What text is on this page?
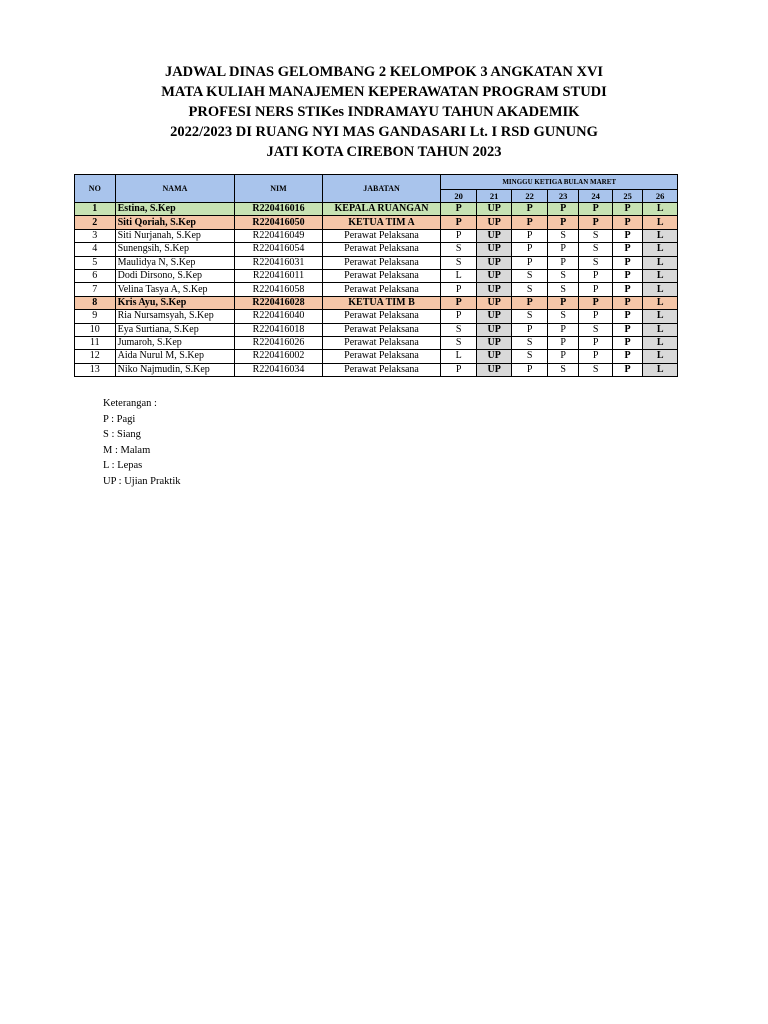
JADWAL DINAS GELOMBANG 2 KELOMPOK 3 ANGKATAN XVI
MATA KULIAH MANAJEMEN KEPERAWATAN PROGRAM STUDI
PROFESI NERS STIKes INDRAMAYU TAHUN AKADEMIK
2022/2023 DI RUANG NYI MAS GANDASARI Lt. I RSD GUNUNG
JATI KOTA CIREBON TAHUN 2023
NO	NAMA	NIM	JABATAN	MINGGU KETIGA BULAN MARET						
				20	21	22	23	24	25	26
1	Estina, S.Kep	R220416016	KEPALA RUANGAN	P	UP	P	P	P	P	L
2	Siti Qoriah, S.Kep	R220416050	KETUA TIM A	P	UP	P	P	P	P	L
3	Siti Nurjanah, S.Kep	R220416049	Perawat Pelaksana	P	UP	P	S	S	P	L
4	Sunengsih, S.Kep	R220416054	Perawat Pelaksana	S	UP	P	P	S	P	L
5	Maulidya N, S.Kep	R220416031	Perawat Pelaksana	S	UP	P	P	S	P	L
6	Dodi Dirsono, S.Kep	R220416011	Perawat Pelaksana	L	UP	S	S	P	P	L
7	Velina Tasya A, S.Kep	R220416058	Perawat Pelaksana	P	UP	S	S	P	P	L
8	Kris Ayu, S.Kep	R220416028	KETUA TIM B	P	UP	P	P	P	P	L
9	Ria Nursamsyah, S.Kep	R220416040	Perawat Pelaksana	P	UP	S	S	P	P	L
10	Eya Surtiana, S.Kep	R220416018	Perawat Pelaksana	S	UP	P	P	S	P	L
11	Jumaroh, S.Kep	R220416026	Perawat Pelaksana	S	UP	S	P	P	P	L
12	Aida Nurul M, S.Kep	R220416002	Perawat Pelaksana	L	UP	S	P	P	P	L
13	Niko Najmudin, S.Kep	R220416034	Perawat Pelaksana	P	UP	P	S	S	P	L
Keterangan :
P : Pagi
S : Siang
M : Malam
L : Lepas
UP : Ujian Praktik
